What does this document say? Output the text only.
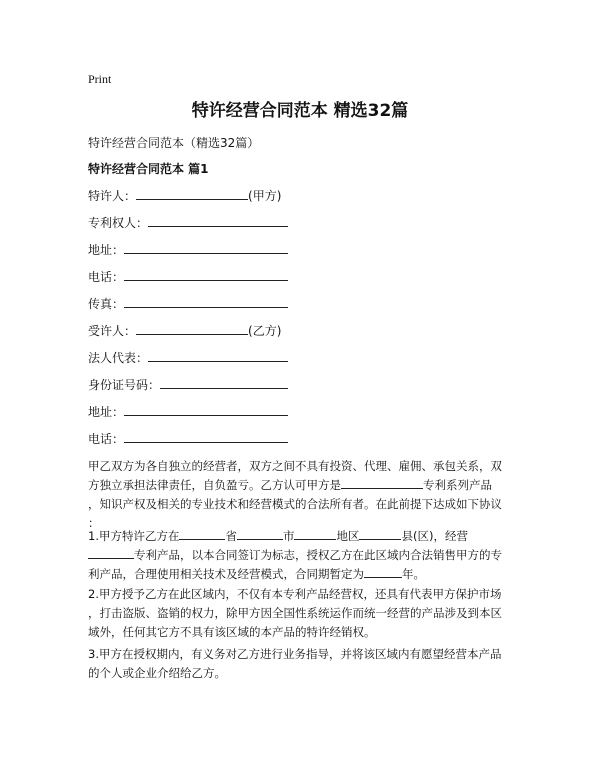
Print
特许经营合同范本 精选32篇
特许经营合同范本（精选32篇）
特许经营合同范本 篇1
特许人：	(甲方)
专利权人：
地址：
电话：
传真：
受许人：	(乙方)
法人代表：
身份证号码：
地址：
电话：
甲乙双方为各自独立的经营者，双方之间不具有投资、代理、雇佣、承包关系，双
方独立承担法律责任，自负盈亏。乙方认可甲方是	专利系列产品
，知识产权及相关的专业技术和经营模式的合法所有者。在此前提下达成如下协议
：
1.甲方特许乙方在	省	市	地区	县(区)，经营
专利产品，以本合同签订为标志，授权乙方在此区域内合法销售甲方的专
利产品，合理使用相关技术及经营模式，合同期暂定为	年。
2.甲方授予乙方在此区域内，不仅有本专利产品经营权，还具有代表甲方保护市场
，打击盗版、盗销的权力，除甲方因全国性系统运作而统一经营的产品涉及到本区
域外，任何其它方不具有该区域的本产品的特许经销权。
3.甲方在授权期内，有义务对乙方进行业务指导，并将该区域内有愿望经营本产品
的个人或企业介绍给乙方。
